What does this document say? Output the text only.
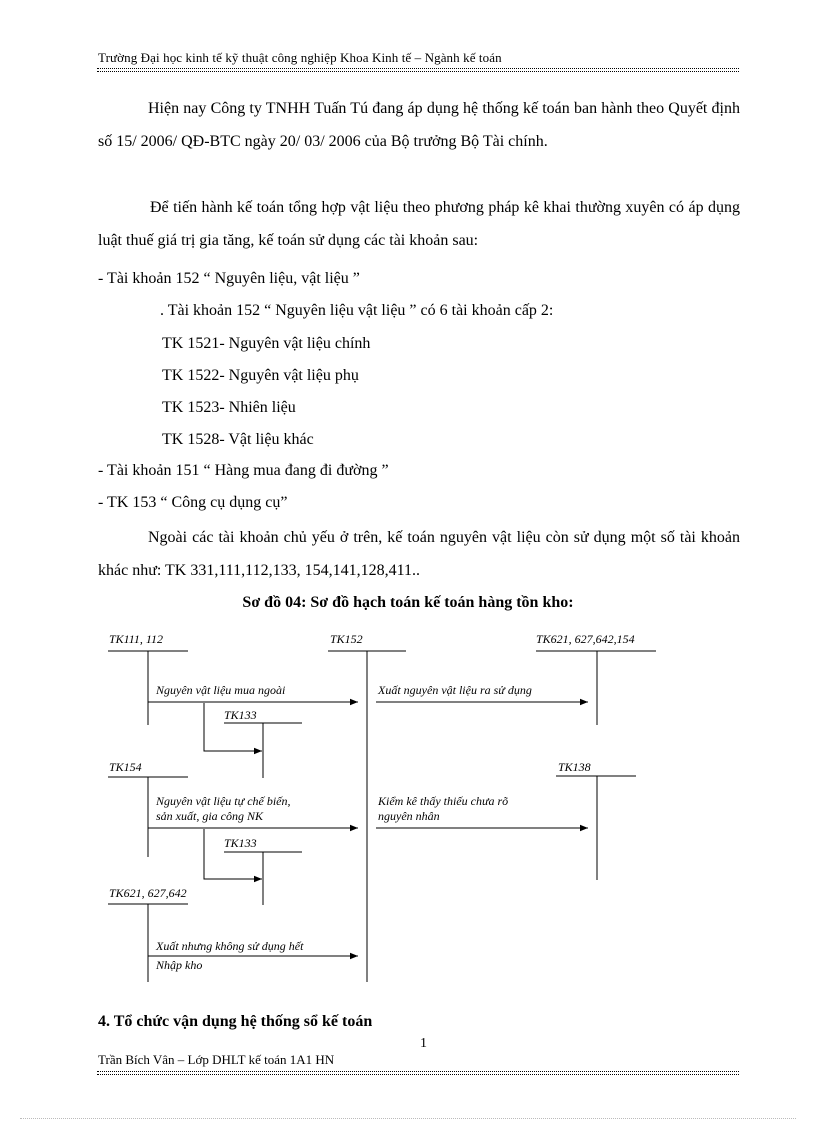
Trường Đại học kinh tế kỹ thuật công nghiệp Khoa Kinh tế – Ngành kế toán
Hiện nay Công ty TNHH Tuấn Tú đang áp dụng hệ thống kế toán ban hành theo Quyết định số 15/ 2006/ QĐ-BTC ngày 20/ 03/ 2006 của Bộ trưởng Bộ Tài chính.
Để tiến hành kế toán tổng hợp vật liệu theo phương pháp kê khai thường xuyên có áp dụng luật thuế giá trị gia tăng, kế toán sử dụng các tài khoản sau:
- Tài khoản 152 “ Nguyên liệu, vật liệu ”
. Tài khoản 152 “ Nguyên liệu vật liệu ” có 6 tài khoản cấp 2:
TK 1521- Nguyên vật liệu chính
TK 1522- Nguyên vật liệu phụ
TK 1523- Nhiên liệu
TK 1528- Vật liệu khác
- Tài khoản 151 “ Hàng mua đang đi đường ”
- TK 153 “ Công cụ dụng cụ”
Ngoài các tài khoản chủ yếu ở trên, kế toán nguyên vật liệu còn sử dụng một số tài khoản khác như: TK 331,111,112,133, 154,141,128,411..
Sơ đồ 04: Sơ đồ hạch toán kế toán hàng tồn kho:
TK111, 112	TK152	TK621, 627,642,154
TK133
TK154	TK138
TK133
TK621, 627,642
Nguyên vật liệu mua ngoài	Xuất nguyên vật liệu ra sử dụng
Nguyên vật liệu tự chế biến,
sản xuất, gia công NK
Kiểm kê thấy thiếu chưa rõ
nguyên nhân
Xuất nhưng không sử dụng hết
Nhập kho
4. Tổ chức vận dụng hệ thống sổ kế toán
1
Trần Bích Vân – Lớp DHLT kế toán 1A1 HN
